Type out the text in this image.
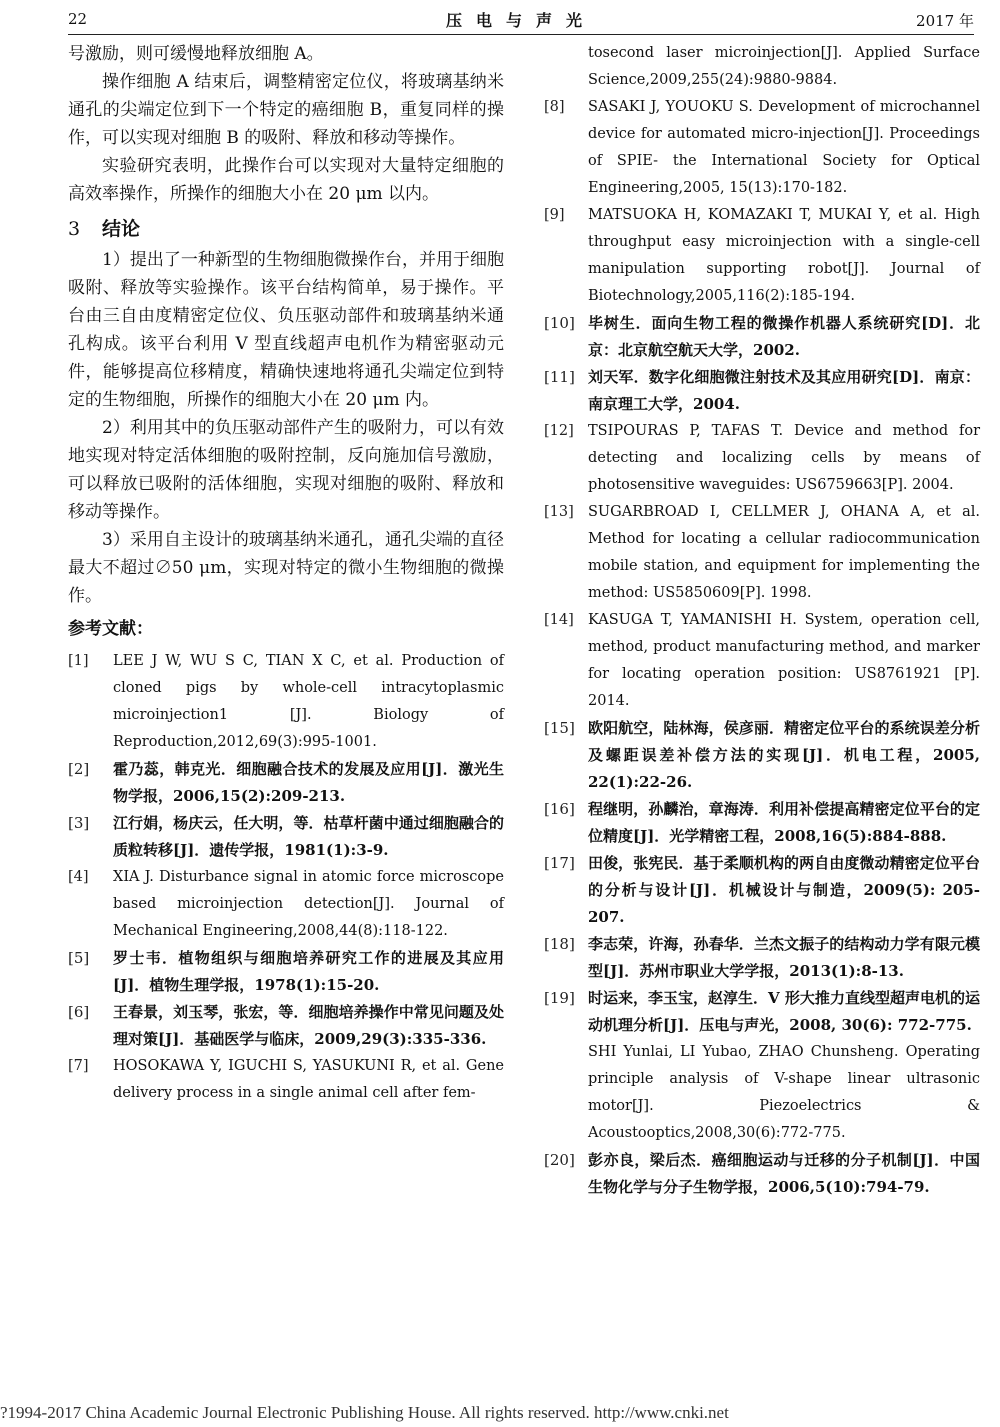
22	压电与声光	2017 年

号激励，则可缓慢地释放细胞 A。

操作细胞 A 结束后，调整精密定位仪，将玻璃基纳米通孔的尖端定位到下一个特定的癌细胞 B，重复同样的操作，可以实现对细胞 B 的吸附、释放和移动等操作。

实验研究表明，此操作台可以实现对大量特定细胞的高效率操作，所操作的细胞大小在 20 μm 以内。

3 结论

1）提出了一种新型的生物细胞微操作台，并用于细胞吸附、释放等实验操作。该平台结构简单，易于操作。平台由三自由度精密定位仪、负压驱动部件和玻璃基纳米通孔构成。该平台利用 V 型直线超声电机作为精密驱动元件，能够提高位移精度，精确快速地将通孔尖端定位到特定的生物细胞，所操作的细胞大小在 20 μm 内。

2）利用其中的负压驱动部件产生的吸附力，可以有效地实现对特定活体细胞的吸附控制，反向施加信号激励，可以释放已吸附的活体细胞，实现对细胞的吸附、释放和移动等操作。

3）采用自主设计的玻璃基纳米通孔，通孔尖端的直径最大不超过∅50 μm，实现对特定的微小生物细胞的微操作。

参考文献：
[1] LEE J W, WU S C, TIAN X C, et al. Production of cloned pigs by whole-cell intracytoplasmic microinjection1 [J]. Biology of Reproduction,2012,69(3):995-1001.
[2] 霍乃蕊，韩克光．细胞融合技术的发展及应用[J]．激光生物学报，2006,15(2):209-213.
[3] 江行娟，杨庆云，任大明，等．枯草杆菌中通过细胞融合的质粒转移[J]．遗传学报，1981(1):3-9.
[4] XIA J. Disturbance signal in atomic force microscope based microinjection detection[J]. Journal of Mechanical Engineering,2008,44(8):118-122.
[5] 罗士韦．植物组织与细胞培养研究工作的进展及其应用[J]．植物生理学报，1978(1):15-20.
[6] 王春景，刘玉琴，张宏，等．细胞培养操作中常见问题及处理对策[J]．基础医学与临床，2009,29(3):335-336.
[7] HOSOKAWA Y, IGUCHI S, YASUKUNI R, et al. Gene delivery process in a single animal cell after fem-
tosecond laser microinjection[J]. Applied Surface Science,2009,255(24):9880-9884.
[8] SASAKI J, YOUOKU S. Development of microchannel device for automated micro-injection[J]. Proceedings of SPIE- the International Society for Optical Engineering,2005, 15(13):170-182.
[9] MATSUOKA H, KOMAZAKI T, MUKAI Y, et al. High throughput easy microinjection with a single-cell manipulation supporting robot[J]. Journal of Biotechnology,2005,116(2):185-194.
[10] 毕树生．面向生物工程的微操作机器人系统研究[D]．北京：北京航空航天大学，2002.
[11] 刘天军．数字化细胞微注射技术及其应用研究[D]．南京：南京理工大学，2004.
[12] TSIPOURAS P, TAFAS T. Device and method for detecting and localizing cells by means of photosensitive waveguides: US6759663[P]. 2004.
[13] SUGARBROAD I, CELLMER J, OHANA A, et al. Method for locating a cellular radiocommunication mobile station, and equipment for implementing the method: US5850609[P]. 1998.
[14] KASUGA T, YAMANISHI H. System, operation cell, method, product manufacturing method, and marker for locating operation position: US8761921 [P]. 2014.
[15] 欧阳航空，陆林海，侯彦丽．精密定位平台的系统误差分析及螺距误差补偿方法的实现[J]．机电工程，2005, 22(1):22-26.
[16] 程继明，孙麟治，章海涛．利用补偿提高精密定位平台的定位精度[J]．光学精密工程，2008,16(5):884-888.
[17] 田俊，张宪民．基于柔顺机构的两自由度微动精密定位平台的分析与设计[J]．机械设计与制造，2009(5): 205-207.
[18] 李志荣，许海，孙春华．兰杰文振子的结构动力学有限元模型[J]．苏州市职业大学学报，2013(1):8-13.
[19] 时运来，李玉宝，赵淳生．V 形大推力直线型超声电机的运动机理分析[J]．压电与声光，2008, 30(6): 772-775.
SHI Yunlai, LI Yubao, ZHAO Chunsheng. Operating principle analysis of V-shape linear ultrasonic motor[J]. Piezoelectrics & Acoustooptics,2008,30(6):772-775.
[20] 彭亦良，梁后杰．癌细胞运动与迁移的分子机制[J]．中国生物化学与分子生物学报，2006,5(10):794-79.
?1994-2017 China Academic Journal Electronic Publishing House. All rights reserved. http://www.cnki.net
